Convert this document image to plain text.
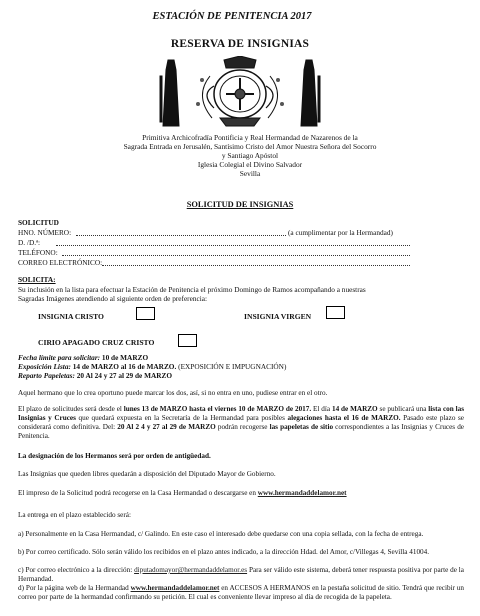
ESTACIÓN DE PENITENCIA 2017
RESERVA DE INSIGNIAS
Primitiva Archicofradía Pontificia y Real Hermandad de Nazarenos de la
Sagrada Entrada en Jerusalén, Santísimo Cristo del Amor Nuestra Señora del Socorro
y Santiago Apóstol
Iglesia Colegial el Divino Salvador
Sevilla
SOLICITUD DE INSIGNIAS
SOLICITUD
HNO. NÚMERO:	(a cumplimentar por la Hermandad)
D. /D.ª:
TELÉFONO:
CORREO ELECTRÓNICO:
SOLICITA:
Su inclusión en la lista para efectuar la Estación de Penitencia el próximo Domingo de Ramos acompañando a nuestras
Sagradas Imágenes atendiendo al siguiente orden de preferencia:
INSIGNIA CRISTO	INSIGNIA VIRGEN
CIRIO APAGADO CRUZ CRISTO
Fecha límite para solicitar: 10 de MARZO
Exposición Lista: 14 de MARZO al 16 de MARZO. (EXPOSICIÓN E IMPUGNACIÓN)
Reparto Papeletas: 20 Al 24 y 27 al 29 de MARZO
Aquel hermano que lo crea oportuno puede marcar los dos, así, si no entra en uno, pudiese entrar en el otro.
El plazo de solicitudes será desde el lunes 13 de MARZO hasta el viernes 10 de MARZO de 2017. El día 14 de MARZO se publicará una lista con las Insignias y Cruces que quedará expuesta en la Secretaría de la Hermandad para posibles alegaciones hasta el 16 de MARZO. Pasado este plazo se considerará como definitiva. Del: 20 Al 2 4 y 27 al 29 de MARZO podrán recogerse las papeletas de sitio correspondientes a las Insignias y Cruces de Penitencia.
La designación de los Hermanos será por orden de antigüedad.
Las Insignias que queden libres quedarán a disposición del Diputado Mayor de Gobierno.
El impreso de la Solicitud podrá recogerse en la Casa Hermandad o descargarse en www.hermandaddelamor.net
La entrega en el plazo establecido será:
a) Personalmente en la Casa Hermandad, c/ Galindo. En este caso el interesado debe quedarse con una copia sellada, con la fecha de entrega.
b) Por correo certificado. Sólo serán válido los recibidos en el plazo antes indicado, a la dirección Hdad. del Amor, c/Villegas 4, Sevilla 41004.
c) Por correo electrónico a la dirección: diputadomayor@hermandaddelamor.es Para ser válido este sistema, deberá tener respuesta positiva por parte de la Hermandad.
d) Por la página web de la Hermandad www.hermandaddelamor.net en ACCESOS A HERMANOS en la pestaña solicitud de sitio. Tendrá que recibir un correo por parte de la hermandad confirmando su petición. El cual es conveniente llevar impreso al día de recogida de la papeleta.
